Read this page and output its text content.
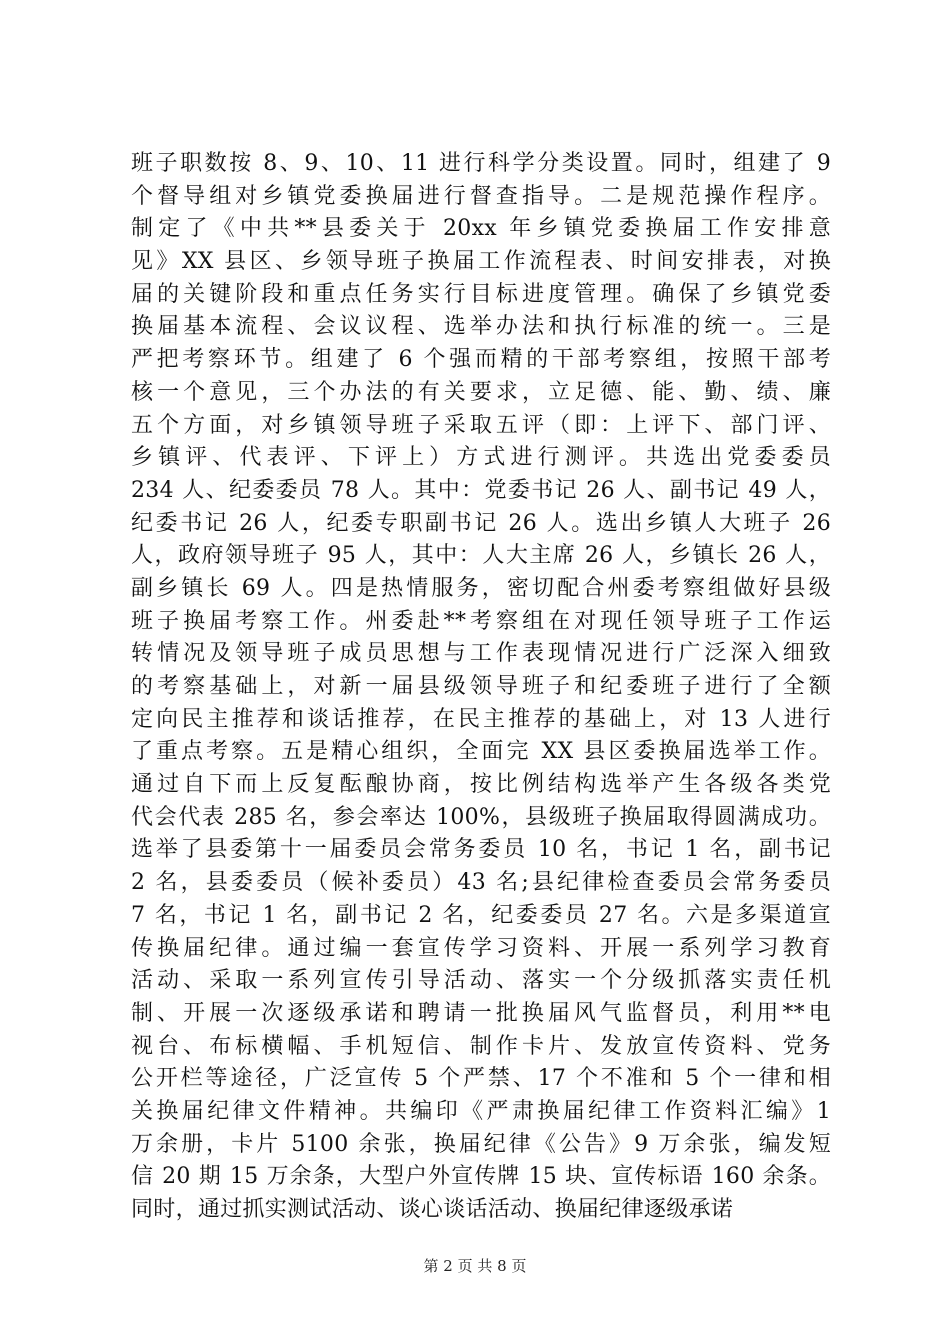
班子职数按 8、9、10、11 进行科学分类设置。同时，组建了 9
个督导组对乡镇党委换届进行督查指导。二是规范操作程序。
制定了《中共**县委关于 20xx 年乡镇党委换届工作安排意
见》XX 县区、乡领导班子换届工作流程表、时间安排表，对换
届的关键阶段和重点任务实行目标进度管理。确保了乡镇党委
换届基本流程、会议议程、选举办法和执行标准的统一。三是
严把考察环节。组建了 6 个强而精的干部考察组，按照干部考
核一个意见，三个办法的有关要求，立足德、能、勤、绩、廉
五个方面，对乡镇领导班子采取五评（即：上评下、部门评、
乡镇评、代表评、下评上）方式进行测评。共选出党委委员
234 人、纪委委员 78 人。其中：党委书记 26 人、副书记 49 人，
纪委书记 26 人，纪委专职副书记 26 人。选出乡镇人大班子 26
人，政府领导班子 95 人，其中：人大主席 26 人，乡镇长 26 人，
副乡镇长 69 人。四是热情服务，密切配合州委考察组做好县级
班子换届考察工作。州委赴**考察组在对现任领导班子工作运
转情况及领导班子成员思想与工作表现情况进行广泛深入细致
的考察基础上，对新一届县级领导班子和纪委班子进行了全额
定向民主推荐和谈话推荐，在民主推荐的基础上，对 13 人进行
了重点考察。五是精心组织，全面完 XX 县区委换届选举工作。
通过自下而上反复酝酿协商，按比例结构选举产生各级各类党
代会代表 285 名，参会率达 100%，县级班子换届取得圆满成功。
选举了县委第十一届委员会常务委员 10 名，书记 1 名，副书记
2 名，县委委员（候补委员）43 名;县纪律检查委员会常务委员
7 名，书记 1 名，副书记 2 名，纪委委员 27 名。六是多渠道宣
传换届纪律。通过编一套宣传学习资料、开展一系列学习教育
活动、采取一系列宣传引导活动、落实一个分级抓落实责任机
制、开展一次逐级承诺和聘请一批换届风气监督员，利用**电
视台、布标横幅、手机短信、制作卡片、发放宣传资料、党务
公开栏等途径，广泛宣传 5 个严禁、17 个不准和 5 个一律和相
关换届纪律文件精神。共编印《严肃换届纪律工作资料汇编》1
万余册，卡片 5100 余张，换届纪律《公告》9 万余张，编发短
信 20 期 15 万余条，大型户外宣传牌 15 块、宣传标语 160 余条。
同时，通过抓实测试活动、谈心谈话活动、换届纪律逐级承诺
第 2 页 共 8 页
